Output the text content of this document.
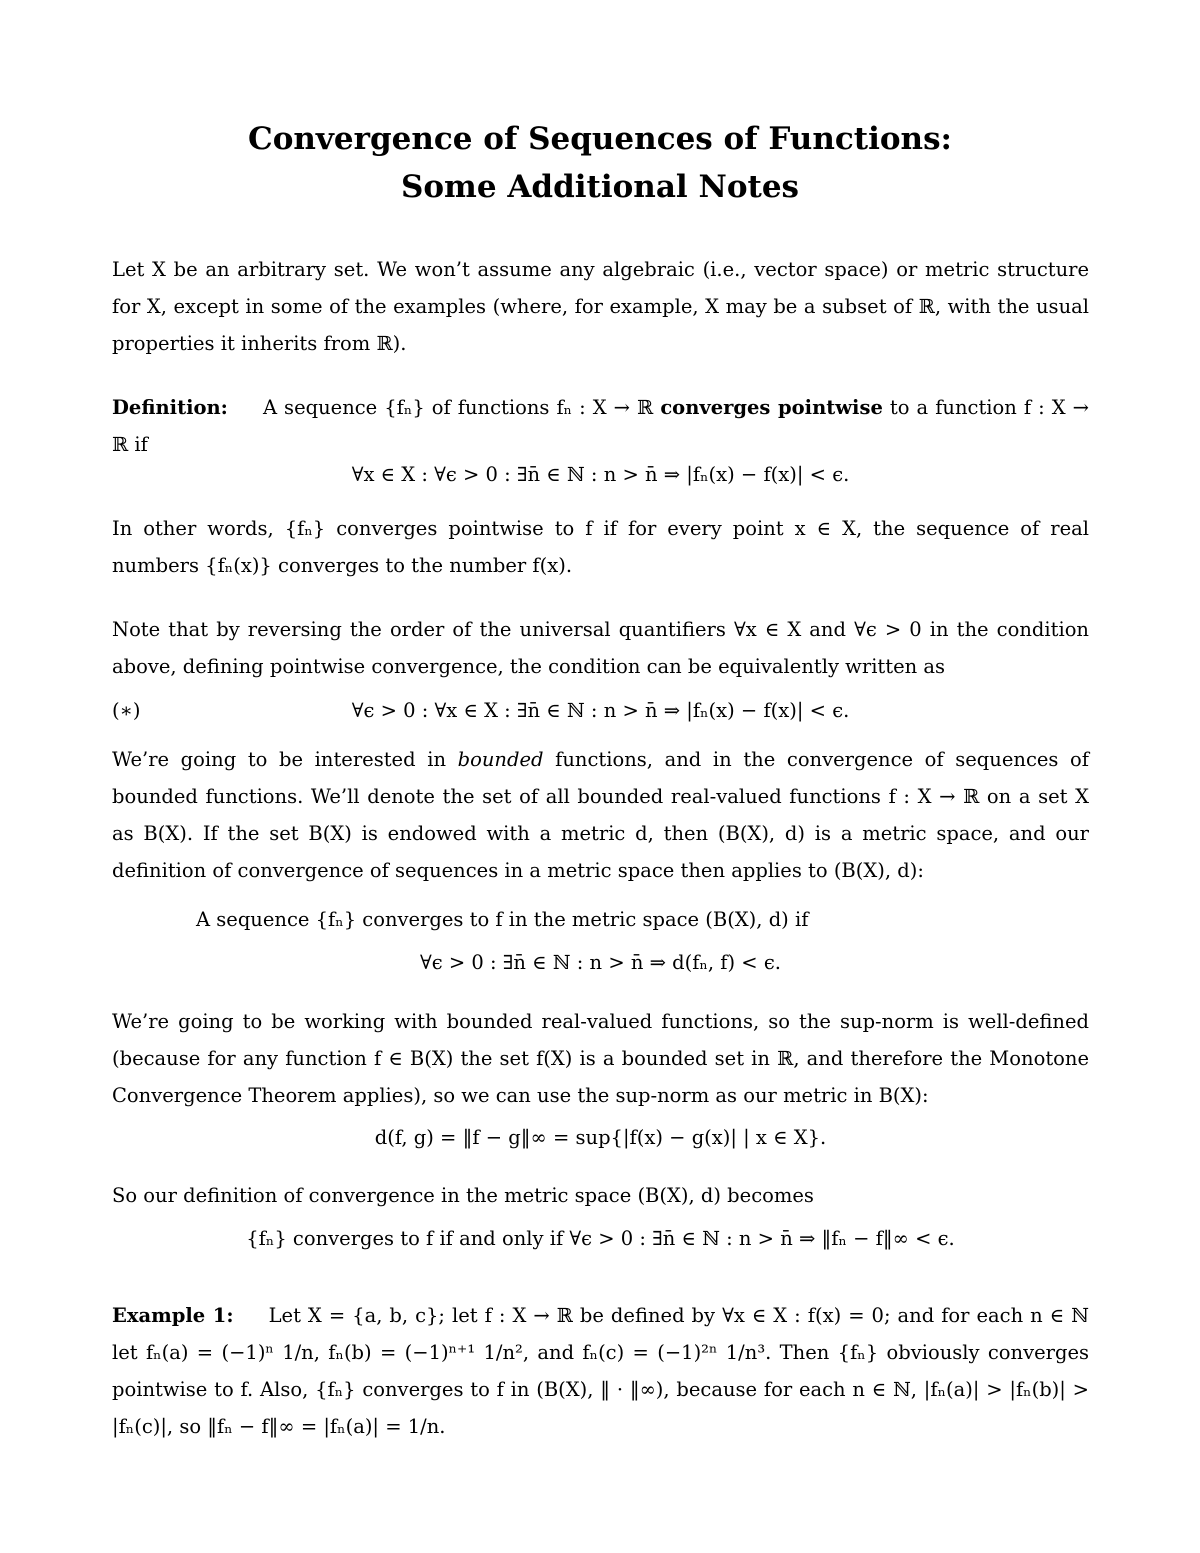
Convergence of Sequences of Functions:
Some Additional Notes
Let X be an arbitrary set. We won’t assume any algebraic (i.e., vector space) or metric structure for X, except in some of the examples (where, for example, X may be a subset of ℝ, with the usual properties it inherits from ℝ).
Definition: A sequence {fₙ} of functions fₙ : X → ℝ converges pointwise to a function f : X → ℝ if
∀x ∈ X : ∀ϵ > 0 : ∃n̄ ∈ ℕ : n > n̄ ⇒ |fₙ(x) − f(x)| < ϵ.
In other words, {fₙ} converges pointwise to f if for every point x ∈ X, the sequence of real numbers {fₙ(x)} converges to the number f(x).
Note that by reversing the order of the universal quantifiers ∀x ∈ X and ∀ϵ > 0 in the condition above, defining pointwise convergence, the condition can be equivalently written as
(∗)	∀ϵ > 0 : ∀x ∈ X : ∃n̄ ∈ ℕ : n > n̄ ⇒ |fₙ(x) − f(x)| < ϵ.
We’re going to be interested in bounded functions, and in the convergence of sequences of bounded functions. We’ll denote the set of all bounded real-valued functions f : X → ℝ on a set X as B(X). If the set B(X) is endowed with a metric d, then (B(X), d) is a metric space, and our definition of convergence of sequences in a metric space then applies to (B(X), d):
A sequence {fₙ} converges to f in the metric space (B(X), d) if
∀ϵ > 0 : ∃n̄ ∈ ℕ : n > n̄ ⇒ d(fₙ, f) < ϵ.
We’re going to be working with bounded real-valued functions, so the sup-norm is well-defined (because for any function f ∈ B(X) the set f(X) is a bounded set in ℝ, and therefore the Monotone Convergence Theorem applies), so we can use the sup-norm as our metric in B(X):
d(f, g) = ‖f − g‖∞ = sup{|f(x) − g(x)| | x ∈ X}.
So our definition of convergence in the metric space (B(X), d) becomes
{fₙ} converges to f if and only if ∀ϵ > 0 : ∃n̄ ∈ ℕ : n > n̄ ⇒ ‖fₙ − f‖∞ < ϵ.
Example 1: Let X = {a, b, c}; let f : X → ℝ be defined by ∀x ∈ X : f(x) = 0; and for each n ∈ ℕ let fₙ(a) = (−1)ⁿ 1/n, fₙ(b) = (−1)ⁿ⁺¹ 1/n², and fₙ(c) = (−1)²ⁿ 1/n³. Then {fₙ} obviously converges pointwise to f. Also, {fₙ} converges to f in (B(X), ‖ · ‖∞), because for each n ∈ ℕ, |fₙ(a)| > |fₙ(b)| > |fₙ(c)|, so ‖fₙ − f‖∞ = |fₙ(a)| = 1/n.
